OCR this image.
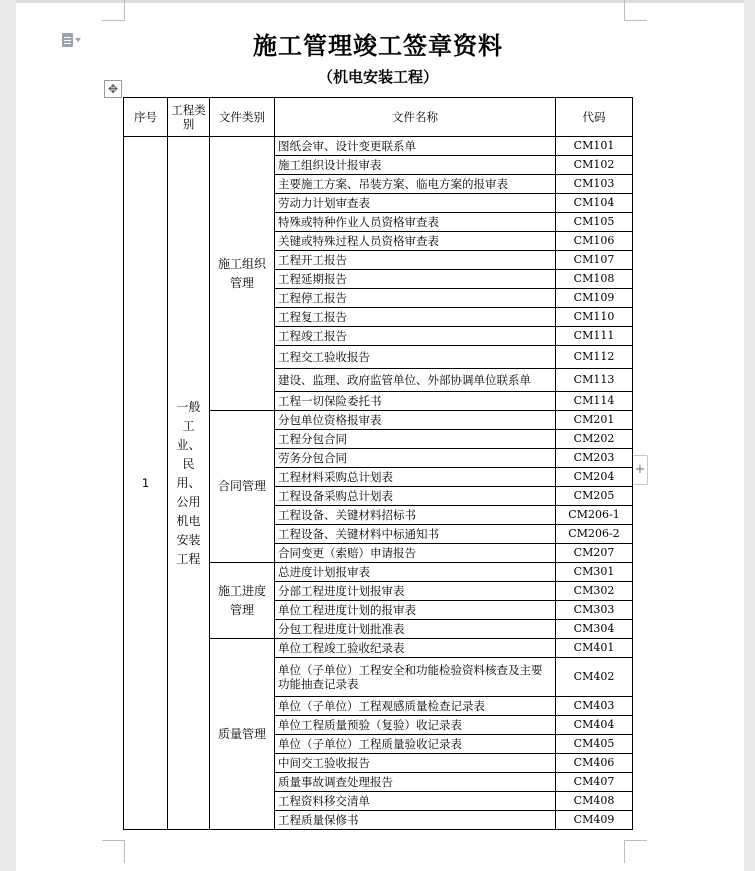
✥
+
施工管理竣工签章资料
（机电安装工程）
序号	工程类别	文件类别	文件名称	代码
1	一般工业、民用、公用机电安装工程	施工组织管理	图纸会审、设计变更联系单	CM101
			施工组织设计报审表	CM102
			主要施工方案、吊装方案、临电方案的报审表	CM103
			劳动力计划审查表	CM104
			特殊或特种作业人员资格审查表	CM105
			关键或特殊过程人员资格审查表	CM106
			工程开工报告	CM107
			工程延期报告	CM108
			工程停工报告	CM109
			工程复工报告	CM110
			工程竣工报告	CM111
			工程交工验收报告	CM112
			建设、监理、政府监管单位、外部协调单位联系单	CM113
			工程一切保险委托书	CM114
		合同管理	分包单位资格报审表	CM201
			工程分包合同	CM202
			劳务分包合同	CM203
			工程材料采购总计划表	CM204
			工程设备采购总计划表	CM205
			工程设备、关键材料招标书	CM206-1
			工程设备、关键材料中标通知书	CM206-2
			合同变更（索赔）申请报告	CM207
		施工进度管理	总进度计划报审表	CM301
			分部工程进度计划报审表	CM302
			单位工程进度计划的报审表	CM303
			分包工程进度计划批准表	CM304
		质量管理	单位工程竣工验收纪录表	CM401
			单位（子单位）工程安全和功能检验资料核查及主要功能抽查记录表	CM402
			单位（子单位）工程观感质量检查记录表	CM403
			单位工程质量预验（复验）收记录表	CM404
			单位（子单位）工程质量验收记录表	CM405
			中间交工验收报告	CM406
			质量事故调查处理报告	CM407
			工程资料移交清单	CM408
			工程质量保修书	CM409
